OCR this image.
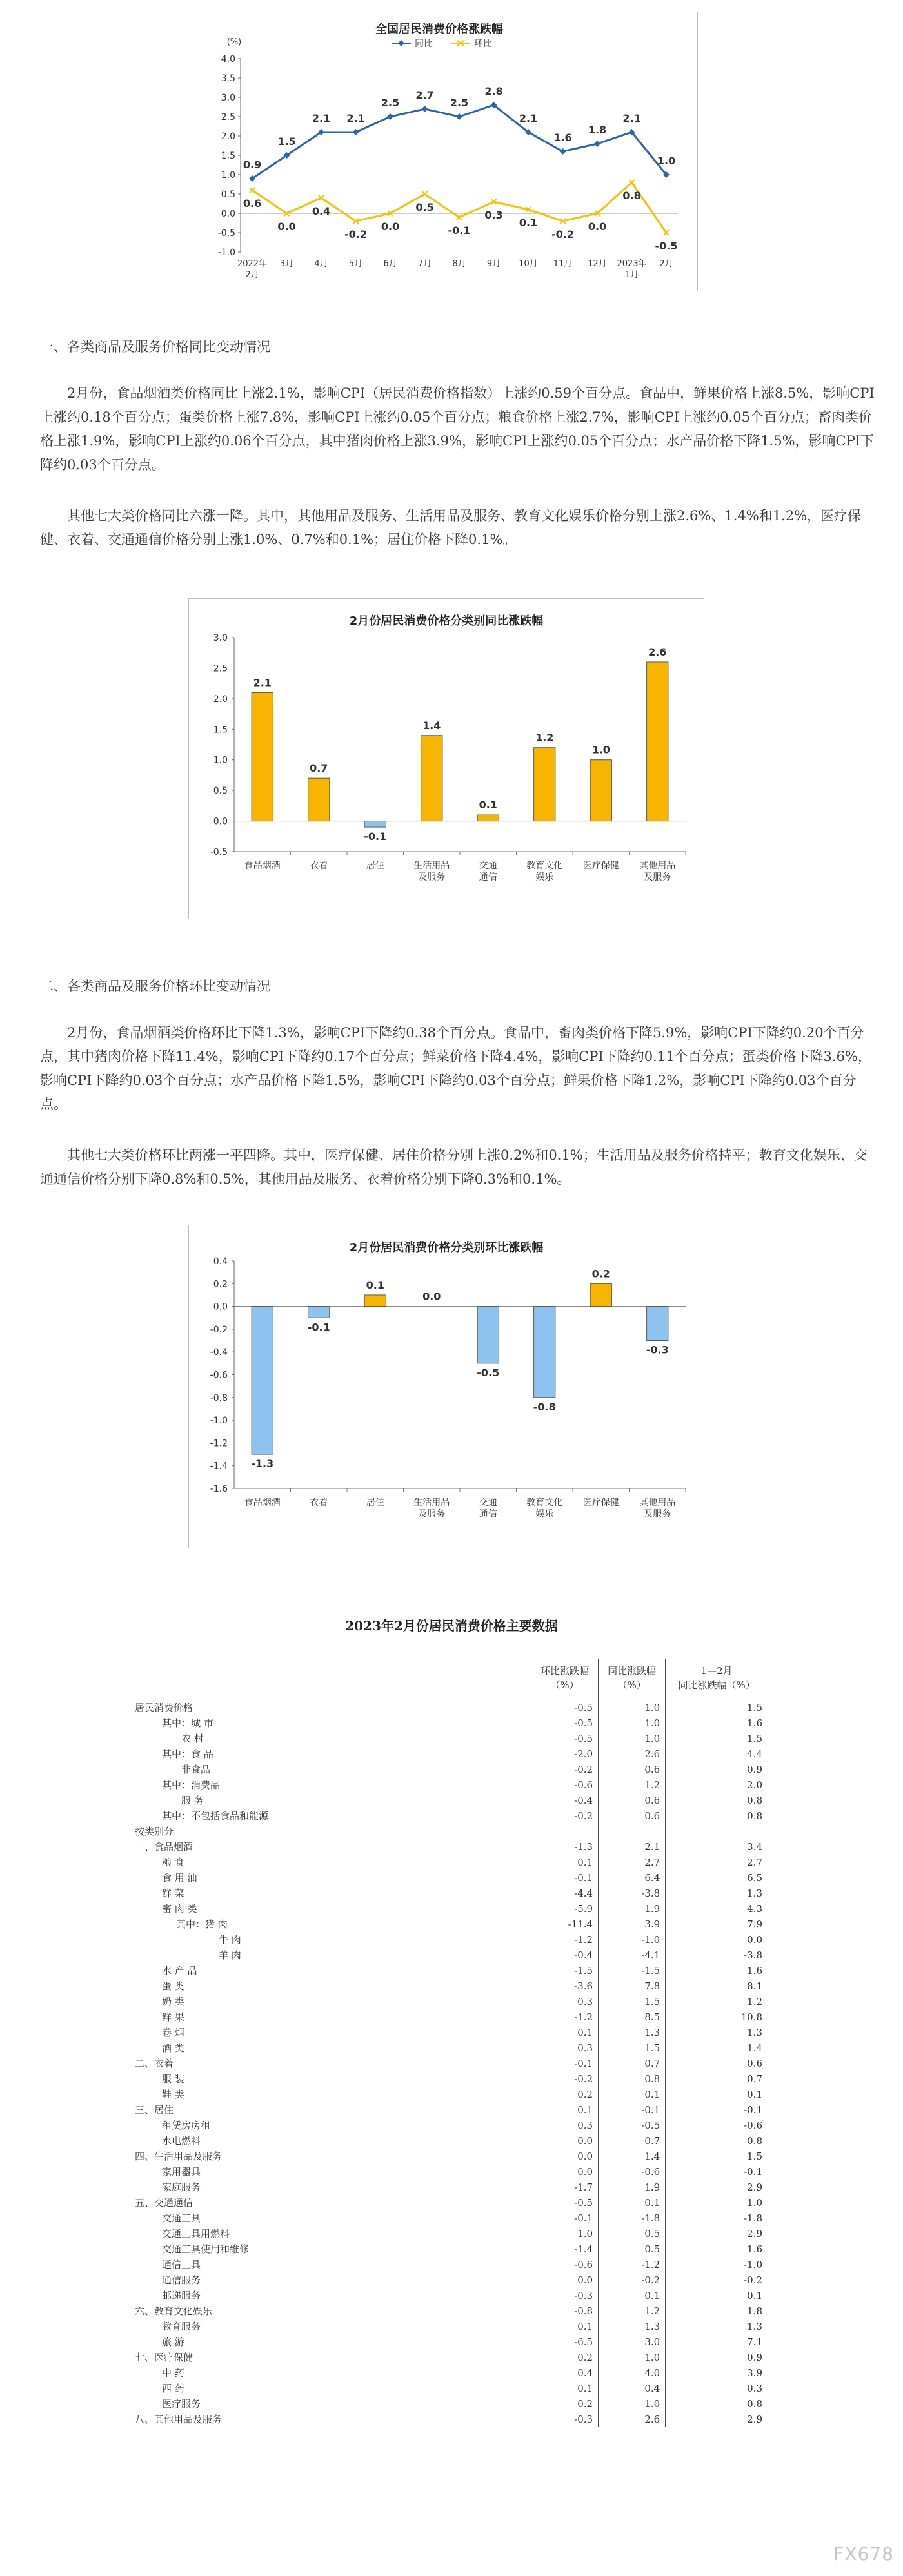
全国居民消费价格涨跌幅
(%)
4.0
3.5
3.0
2.5
2.0
1.5
1.0
0.5
0.0
-0.5
-1.0
2022年 2月
3月 4月 5月 6月 7月 8月 9月 10月 11月 12月 2023年 1月
2月
同比	环比
0.9
1.5
2.1 2.1
2.5
2.7
2.5
2.8
2.1
1.6
1.8
2.1
1.0
0.6
0.0
0.4
-0.2
0.0
0.5
-0.1
0.3
0.1
-0.2
0.0
0.8
-0.5
一、各类商品及服务价格同比变动情况
2月份，食品烟酒类价格同比上涨2.1%，影响CPI（居民消费价格指数）上涨约0.59个百分点。食品中，鲜果价格上涨8.5%，影响CPI上涨约0.18个百分点；蛋类价格上涨7.8%，影响CPI上涨约0.05个百分点；粮食价格上涨2.7%，影响CPI上涨约0.05个百分点；畜肉类价格上涨1.9%，影响CPI上涨约0.06个百分点，其中猪肉价格上涨3.9%，影响CPI上涨约0.05个百分点；水产品价格下降1.5%，影响CPI下降约0.03个百分点。
其他七大类价格同比六涨一降。其中，其他用品及服务、生活用品及服务、教育文化娱乐价格分别上涨2.6%、1.4%和1.2%，医疗保健、衣着、交通通信价格分别上涨1.0%、0.7%和0.1%；居住价格下降0.1%。
2月份居民消费价格分类别同比涨跌幅
3.0
2.5
2.0
1.5
1.0
0.5
0.0
-0.5
2.1
食品烟酒
0.7
衣着
-0.1
居住
1.4
生活用品及服务
0.1
交通通信
1.2
教育文化娱乐
1.0
医疗保健
2.6
其他用品及服务
二、各类商品及服务价格环比变动情况
2月份，食品烟酒类价格环比下降1.3%，影响CPI下降约0.38个百分点。食品中，畜肉类价格下降5.9%，影响CPI下降约0.20个百分点，其中猪肉价格下降11.4%，影响CPI下降约0.17个百分点；鲜菜价格下降4.4%，影响CPI下降约0.11个百分点；蛋类价格下降3.6%，影响CPI下降约0.03个百分点；水产品价格下降1.5%，影响CPI下降约0.03个百分点；鲜果价格下降1.2%，影响CPI下降约0.03个百分点。
其他七大类价格环比两涨一平四降。其中，医疗保健、居住价格分别上涨0.2%和0.1%；生活用品及服务价格持平；教育文化娱乐、交通通信价格分别下降0.8%和0.5%，其他用品及服务、衣着价格分别下降0.3%和0.1%。
2月份居民消费价格分类别环比涨跌幅
0.4
0.2
0.0
-0.2
-0.4
-0.6
-0.8
-1.0
-1.2
-1.4
-1.6
-1.3
食品烟酒
-0.1
衣着
0.1
居住
0.0
生活用品及服务
-0.5
交通通信
-0.8
教育文化娱乐
0.2
医疗保健
-0.3
其他用品及服务
2023年2月份居民消费价格主要数据
	环比涨跌幅
（%）	同比涨跌幅
（%）	1—2月
同比涨跌幅（%）
居民消费价格	-0.5	1.0	1.5
其中：城 市	-0.5	1.0	1.6
农 村	-0.5	1.0	1.5
其中：食 品	-2.0	2.6	4.4
非食品	-0.2	0.6	0.9
其中：消费品	-0.6	1.2	2.0
服 务	-0.4	0.6	0.8
其中：不包括食品和能源	-0.2	0.6	0.8
按类别分			
一、食品烟酒	-1.3	2.1	3.4
粮 食	0.1	2.7	2.7
食 用 油	-0.1	6.4	6.5
鲜 菜	-4.4	-3.8	1.3
畜 肉 类	-5.9	1.9	4.3
其中：猪 肉	-11.4	3.9	7.9
牛 肉	-1.2	-1.0	0.0
羊 肉	-0.4	-4.1	-3.8
水 产 品	-1.5	-1.5	1.6
蛋 类	-3.6	7.8	8.1
奶 类	0.3	1.5	1.2
鲜 果	-1.2	8.5	10.8
卷 烟	0.1	1.3	1.3
酒 类	0.3	1.5	1.4
二、衣着	-0.1	0.7	0.6
服 装	-0.2	0.8	0.7
鞋 类	0.2	0.1	0.1
三、居住	0.1	-0.1	-0.1
租赁房房租	0.3	-0.5	-0.6
水电燃料	0.0	0.7	0.8
四、生活用品及服务	0.0	1.4	1.5
家用器具	0.0	-0.6	-0.1
家庭服务	-1.7	1.9	2.9
五、交通通信	-0.5	0.1	1.0
交通工具	-0.1	-1.8	-1.8
交通工具用燃料	1.0	0.5	2.9
交通工具使用和维修	-1.4	0.5	1.6
通信工具	-0.6	-1.2	-1.0
通信服务	0.0	-0.2	-0.2
邮递服务	-0.3	0.1	0.1
六、教育文化娱乐	-0.8	1.2	1.8
教育服务	0.1	1.3	1.3
旅 游	-6.5	3.0	7.1
七、医疗保健	0.2	1.0	0.9
中 药	0.4	4.0	3.9
西 药	0.1	0.4	0.3
医疗服务	0.2	1.0	0.8
八、其他用品及服务	-0.3	2.6	2.9
FX678
